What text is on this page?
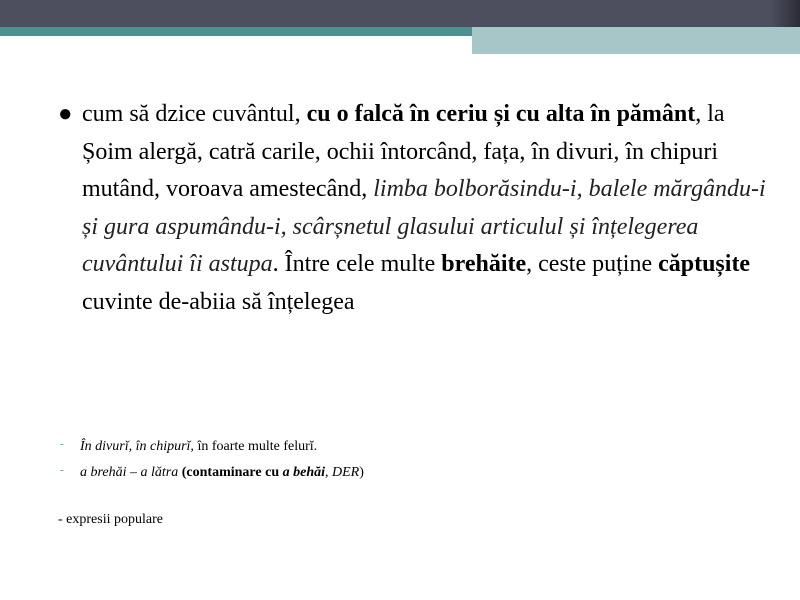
● cum să dzice cuvântul, cu o falcă în ceriu și cu alta în pământ, la Șoim alergă, catră carile, ochii întorcând, fața, în divuri, în chipuri mutând, voroava amestecând, limba bolborăsindu-i, balele mărgându-i și gura aspumându-i, scârșnetul glasului articulul și înțelegerea cuvântului îi astupa. Între cele multe brehăite, ceste puține căptușite cuvinte de-abiia să înțelegea
- În divurĭ, în chipurĭ, în foarte multe felurĭ.
- a brehăi – a lătra (contaminare cu a behăi, DER)
- expresii populare
